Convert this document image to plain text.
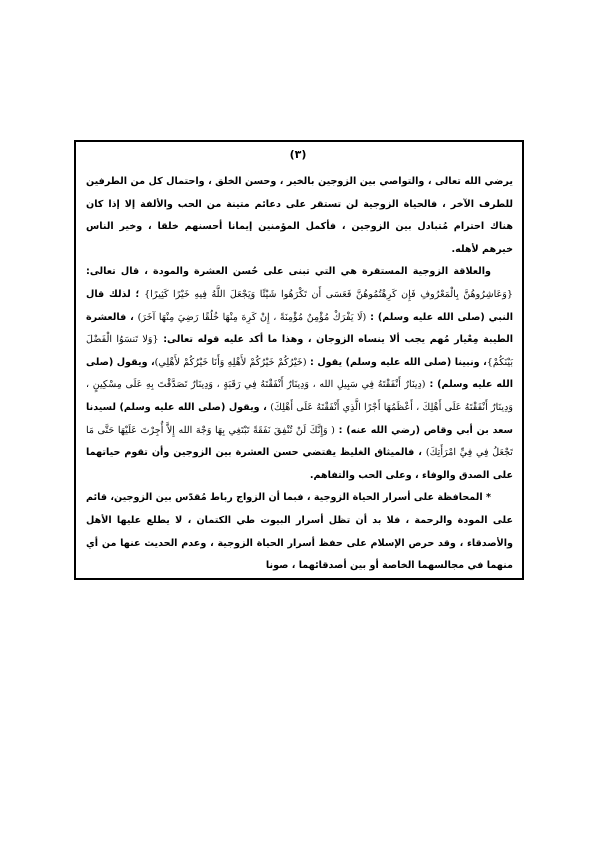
(٣)

يرضي الله تعالى ، والتواصي بين الزوجين بالخير ، وحسن الخلق ، واحتمال كل من الطرفين للطرف الآخر ، فالحياة الزوجية لن تستقر على دعائم متينة من الحب والألفة إلا إذا كان هناك احترام مُتبادل بين الزوجين ، فأكمل المؤمنين إيمانا أحسنهم خلقا ، وخير الناس خيرهم لأهله.

والعلاقة الزوجية المستقرة هي التي تبنى على حُسن العشرة والمودة ، قال تعالى: {وَعَاشِرُوهُنَّ بِالْمَعْرُوفِ فَإِن كَرِهْتُمُوهُنَّ فَعَسَى أَن تَكْرَهُوا شَيْئًا وَيَجْعَلَ اللَّهُ فِيهِ خَيْرًا كَثِيرًا} ؛ لذلك قال النبي (صلى الله عليه وسلم) : (لَا يَفْرَكْ مُؤْمِنٌ مُؤْمِنَةً ، إِنْ كَرِهَ مِنْهَا خُلُقًا رَضِيَ مِنْهَا آخَرَ) ، فالعشرة الطيبة مِعْيار مُهم يجب ألا ينساه الزوجان ، وهذا ما أكد عليه قوله تعالى: {وَلا تَنسَوُا الْفَضْلَ بَيْنَكُمْ}، ونبينا (صلى الله عليه وسلم) يقول : (خَيْرُكُمْ خَيْرُكُمْ لأَهْلِهِ وَأَنَا خَيْرُكُمْ لأَهْلِي)، ويقول (صلى الله عليه وسلم) : (دِينَارٌ أَنْفَقْتَهُ فِي سَبِيلِ الله ، وَدِينَارٌ أَنْفَقْتَهُ فِي رَقَبَةٍ ، وَدِينَارٌ تَصَدَّقْتَ بِهِ عَلَى مِسْكِينٍ ، وَدِينَارٌ أَنْفَقْتَهُ عَلَى أَهْلِكَ ، أَعْظَمُهَا أَجْرًا الَّذِي أَنْفَقْتَهُ عَلَى أَهْلِكَ) ، ويقول (صلى الله عليه وسلم) لسيدنا سعد بن أبي وقاص (رضي الله عنه) : ( وَإِنَّكَ لَنْ تُنْفِقَ نَفَقَةً تَبْتَغِي بِهَا وَجْهَ الله إِلاَّ أُجِرْتَ عَلَيْهَا حَتَّى مَا تَجْعَلُ فِي فِيِّ امْرَأَتِكَ) ، فالميثاق الغليظ يقتضي حسن العشرة بين الزوجين وأن تقوم حياتهما على الصدق والوفاء ، وعلى الحب والتفاهم.

* المحافظة على أسرار الحياة الزوجية ، فبما أن الزواج رباط مُقدّس بين الزوجين، قائم على المودة والرحمة ، فلا بد أن تظل أسرار البيوت طي الكتمان ، لا يطلع عليها الأهل والأصدقاء ، وقد حرص الإسلام على حفظ أسرار الحياة الزوجية ، وعدم الحديث عنها من أي منهما في مجالسهما الخاصة أو بين أصدقائهما ، صونا
